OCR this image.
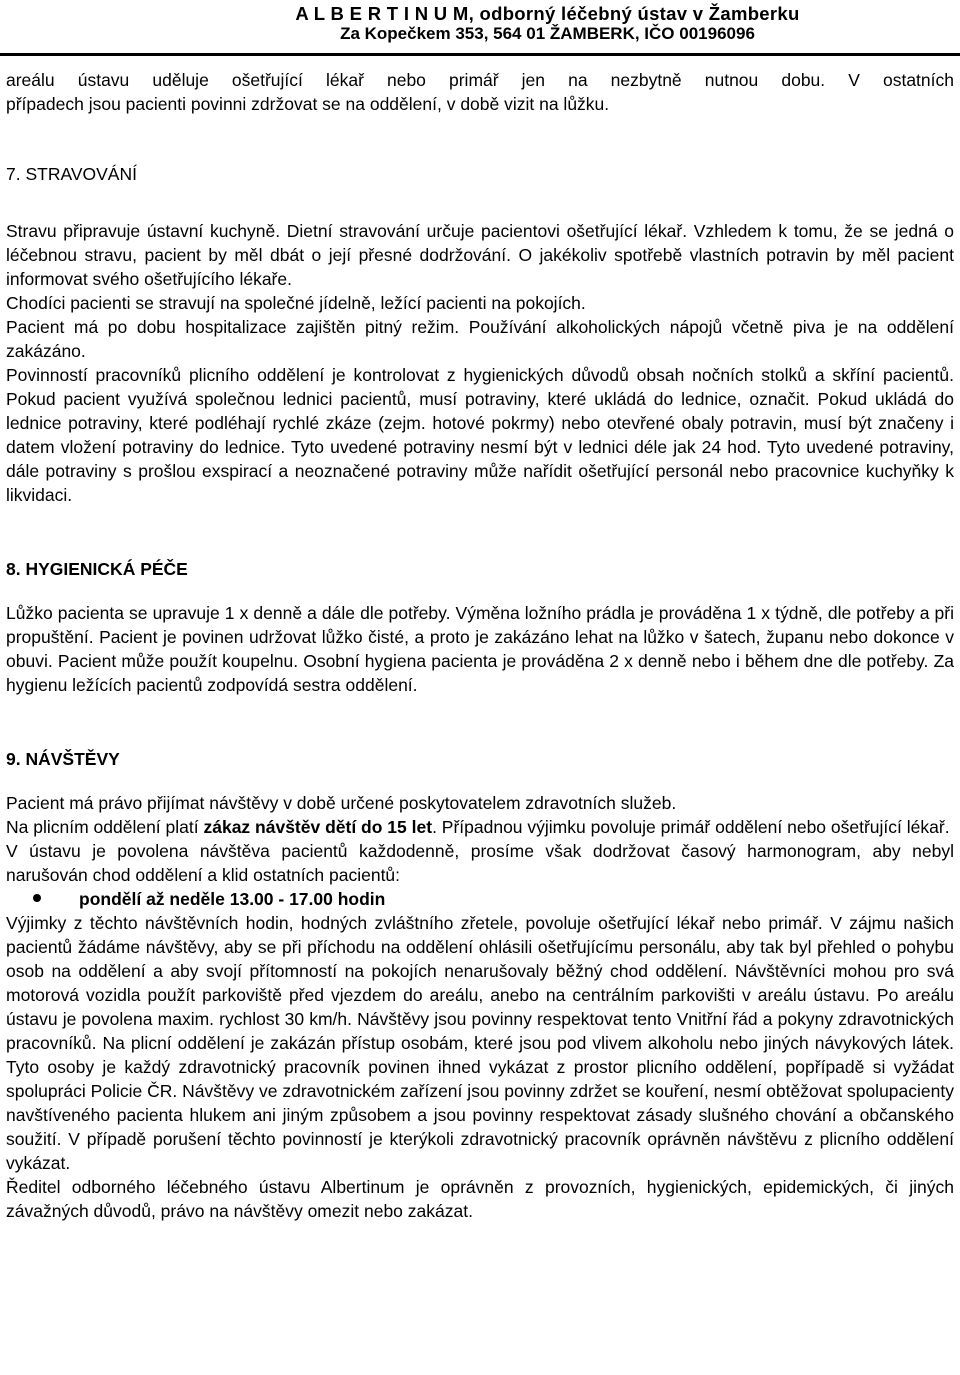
A L B E R T I N U M, odborný léčebný ústav v Žamberku
Za Kopečkem 353, 564 01 ŽAMBERK, IČO 00196096

areálu ústavu uděluje ošetřující lékař nebo primář jen na nezbytně nutnou dobu. V ostatních

případech jsou pacienti povinni zdržovat se na oddělení, v době vizit na lůžku.

7. STRAVOVÁNÍ

Stravu připravuje ústavní kuchyně. Dietní stravování určuje pacientovi ošetřující lékař. Vzhledem k tomu, že se jedná o léčebnou stravu, pacient by měl dbát o její přesné dodržování. O jakékoliv spotřebě vlastních potravin by měl pacient informovat svého ošetřujícího lékaře.

Chodíci pacienti se stravují na společné jídelně, ležící pacienti na pokojích.

Pacient má po dobu hospitalizace zajištěn pitný režim. Používání alkoholických nápojů včetně piva je na oddělení zakázáno.

Povinností pracovníků plicního oddělení je kontrolovat z hygienických důvodů obsah nočních stolků a skříní pacientů. Pokud pacient využívá společnou lednici pacientů, musí potraviny, které ukládá do lednice, označit. Pokud ukládá do lednice potraviny, které podléhají rychlé zkáze (zejm. hotové pokrmy) nebo otevřené obaly potravin, musí být značeny i datem vložení potraviny do lednice. Tyto uvedené potraviny nesmí být v lednici déle jak 24 hod. Tyto uvedené potraviny, dále potraviny s prošlou exspirací a neoznačené potraviny může nařídit ošetřující personál nebo pracovnice kuchyňky k likvidaci.

8. HYGIENICKÁ PÉČE

Lůžko pacienta se upravuje 1 x denně a dále dle potřeby. Výměna ložního prádla je prováděna 1 x týdně, dle potřeby a při propuštění. Pacient je povinen udržovat lůžko čisté, a proto je zakázáno lehat na lůžko v šatech, županu nebo dokonce v obuvi. Pacient může použít koupelnu. Osobní hygiena pacienta je prováděna 2 x denně nebo i během dne dle potřeby. Za hygienu ležících pacientů zodpovídá sestra oddělení.

9. NÁVŠTĚVY

Pacient má právo přijímat návštěvy v době určené poskytovatelem zdravotních služeb.

Na plicním oddělení platí zákaz návštěv dětí do 15 let. Případnou výjimku povoluje primář oddělení nebo ošetřující lékař.

V ústavu je povolena návštěva pacientů každodenně, prosíme však dodržovat časový harmonogram, aby nebyl narušován chod oddělení a klid ostatních pacientů:

pondělí až neděle 13.00 - 17.00 hodin

Výjimky z těchto návštěvních hodin, hodných zvláštního zřetele, povoluje ošetřující lékař nebo primář. V zájmu našich pacientů žádáme návštěvy, aby se při příchodu na oddělení ohlásili ošetřujícímu personálu, aby tak byl přehled o pohybu osob na oddělení a aby svojí přítomností na pokojích nenarušovaly běžný chod oddělení. Návštěvníci mohou pro svá motorová vozidla použít parkoviště před vjezdem do areálu, anebo na centrálním parkovišti v areálu ústavu. Po areálu ústavu je povolena maxim. rychlost 30 km/h. Návštěvy jsou povinny respektovat tento Vnitřní řád a pokyny zdravotnických pracovníků. Na plicní oddělení je zakázán přístup osobám, které jsou pod vlivem alkoholu nebo jiných návykových látek. Tyto osoby je každý zdravotnický pracovník povinen ihned vykázat z prostor plicního oddělení, popřípadě si vyžádat spolupráci Policie ČR. Návštěvy ve zdravotnickém zařízení jsou povinny zdržet se kouření, nesmí obtěžovat spolupacienty navštíveného pacienta hlukem ani jiným způsobem a jsou povinny respektovat zásady slušného chování a občanského soužití. V případě porušení těchto povinností je kterýkoli zdravotnický pracovník oprávněn návštěvu z plicního oddělení vykázat.

Ředitel odborného léčebného ústavu Albertinum je oprávněn z provozních, hygienických, epidemických, či jiných závažných důvodů, právo na návštěvy omezit nebo zakázat.
